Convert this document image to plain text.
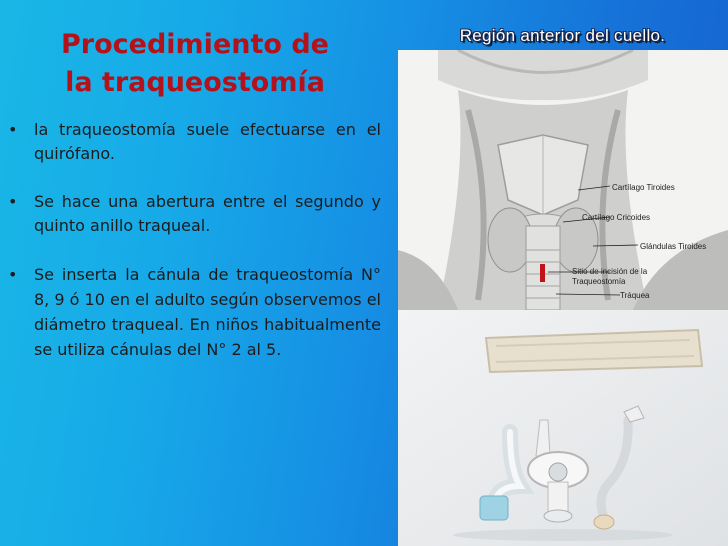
Procedimiento de
la traqueostomía
• la traqueostomía suele efectuarse en el quirófano.
• Se hace una abertura entre el segundo y quinto anillo traqueal.
• Se inserta la cánula de traqueostomía N° 8, 9 ó 10 en el adulto según observemos el diámetro traqueal. En niños habitualmente se utiliza cánulas del N° 2 al 5.
Región anterior del cuello.
Cartílago Tiroides
Cartílago Cricoides
Glándulas Tiroides
Sitio de incisión de la
Traqueostomía
Tráquea
